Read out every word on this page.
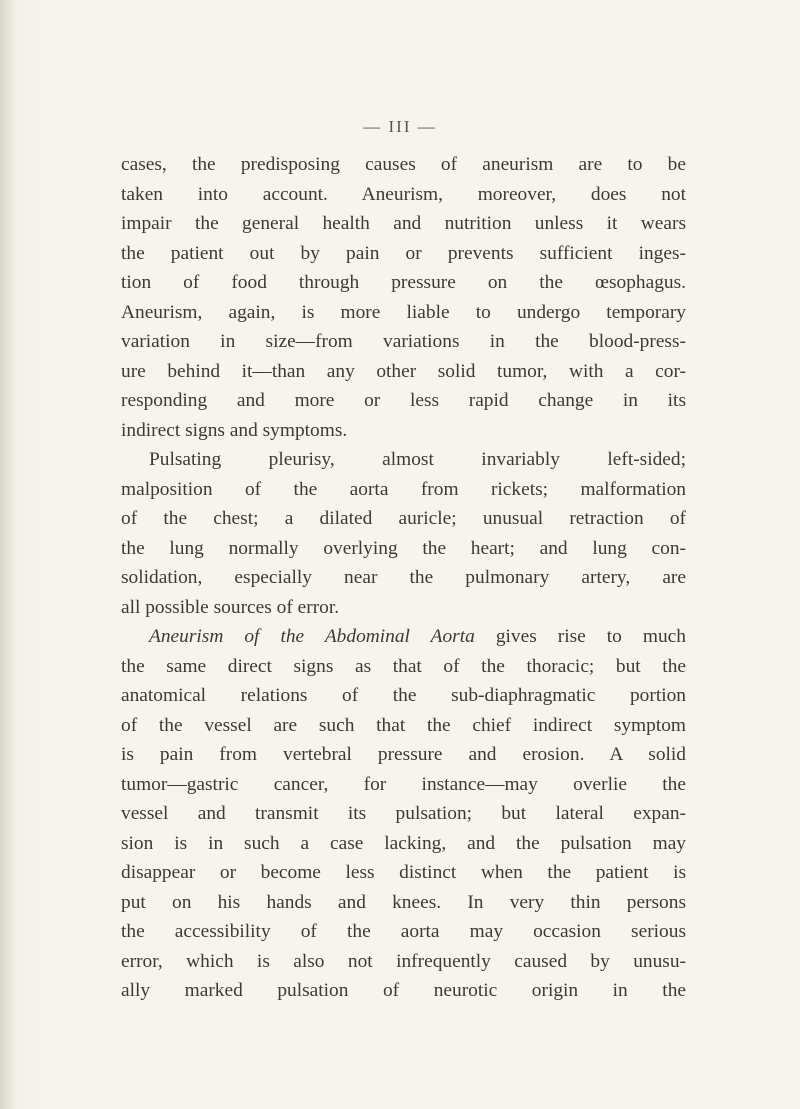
— III —
cases, the predisposing causes of aneurism are to be
taken into account. Aneurism, moreover, does not
impair the general health and nutrition unless it wears
the patient out by pain or prevents sufficient inges-
tion of food through pressure on the œsophagus.
Aneurism, again, is more liable to undergo temporary
variation in size—from variations in the blood-press-
ure behind it—than any other solid tumor, with a cor-
responding and more or less rapid change in its
indirect signs and symptoms.
Pulsating pleurisy, almost invariably left-sided;
malposition of the aorta from rickets; malformation
of the chest; a dilated auricle; unusual retraction of
the lung normally overlying the heart; and lung con-
solidation, especially near the pulmonary artery, are
all possible sources of error.
Aneurism of the Abdominal Aorta gives rise to much
the same direct signs as that of the thoracic; but the
anatomical relations of the sub-diaphragmatic portion
of the vessel are such that the chief indirect symptom
is pain from vertebral pressure and erosion. A solid
tumor—gastric cancer, for instance—may overlie the
vessel and transmit its pulsation; but lateral expan-
sion is in such a case lacking, and the pulsation may
disappear or become less distinct when the patient is
put on his hands and knees. In very thin persons
the accessibility of the aorta may occasion serious
error, which is also not infrequently caused by unusu-
ally marked pulsation of neurotic origin in the
